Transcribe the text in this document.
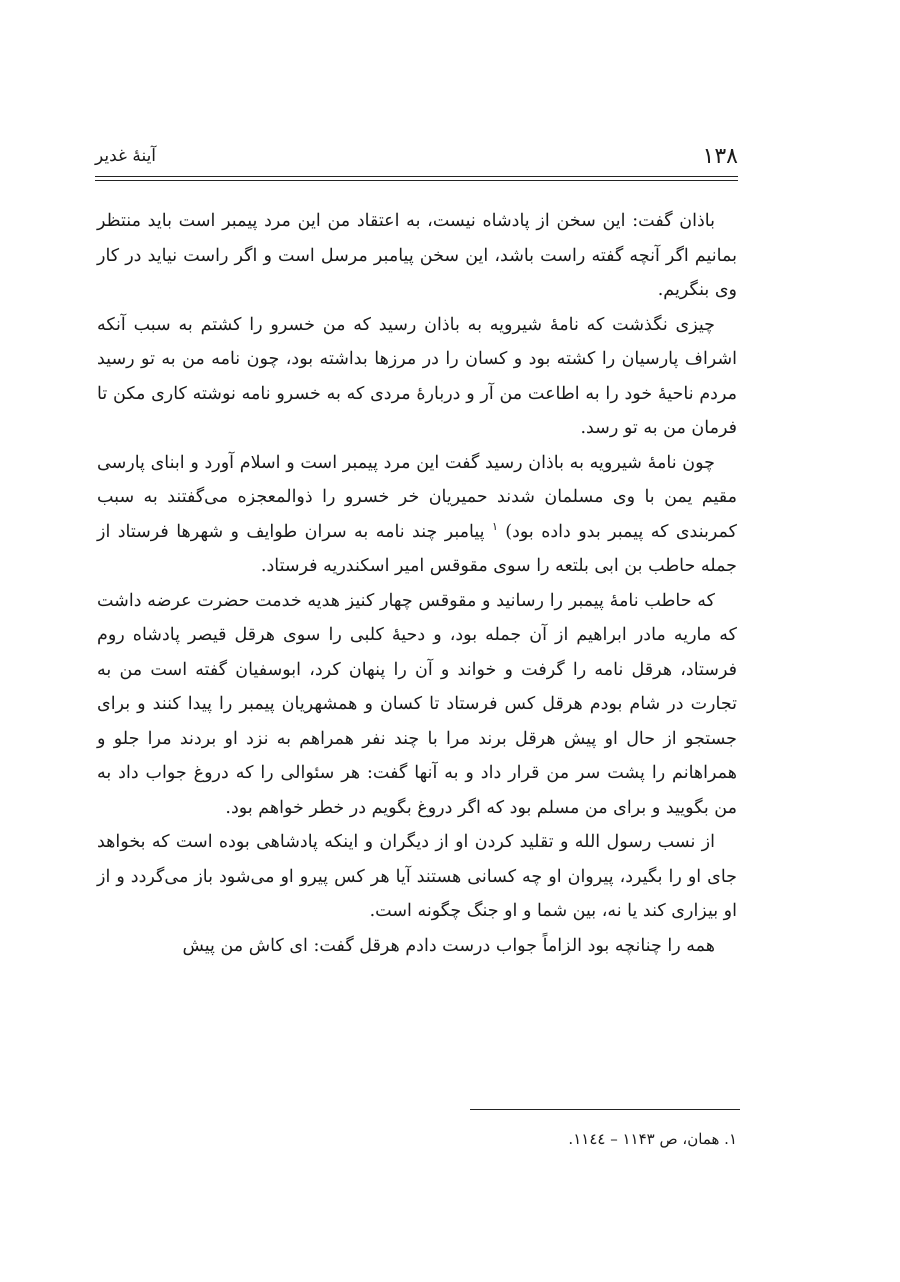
۱۳۸
آينهٔ غدير

باذان گفت: اين سخن از پادشاه نيست، به اعتقاد من اين مرد پيمبر است بايد منتظر بمانيم اگر آنچه گفته راست باشد، اين سخن پيامبر مرسل است و اگر راست نيايد در كار وى بنگريم.

چيزى نگذشت كه نامهٔ شيرويه به باذان رسيد كه من خسرو را كشتم به سبب آنكه اشراف پارسيان را كشته بود و كسان را در مرزها بداشته بود، چون نامه من به تو رسيد مردم ناحيهٔ خود را به اطاعت من آر و دربارهٔ مردى كه به خسرو نامه نوشته كارى مكن تا فرمان من به تو رسد.

چون نامهٔ شيرويه به باذان رسيد گفت اين مرد پيمبر است و اسلام آورد و ابناى پارسى مقيم يمن با وى مسلمان شدند حميريان خر خسرو را ذوالمعجزه مى‌گفتند به سبب كمربندى كه پيمبر بدو داده بود) $^۱$ پيامبر چند نامه به سران طوايف و شهرها فرستاد از جمله حاطب بن ابى بلتعه را سوى مقوقس امير اسكندريه فرستاد.

كه حاطب نامهٔ پيمبر را رسانيد و مقوقس چهار كنيز هديه خدمت حضرت عرضه داشت كه ماريه مادر ابراهيم از آن جمله بود، و دحيهٔ كلبى را سوى هرقل قيصر پادشاه روم فرستاد، هرقل نامه را گرفت و خواند و آن را پنهان كرد، ابوسفيان گفته است من به تجارت در شام بودم هرقل كس فرستاد تا كسان و همشهريان پيمبر را پيدا كنند و براى جستجو از حال او پيش هرقل برند مرا با چند نفر همراهم به نزد او بردند مرا جلو و همراهانم را پشت سر من قرار داد و به آنها گفت: هر سئوالى را كه دروغ جواب داد به من بگوييد و براى من مسلم بود كه اگر دروغ بگويم در خطر خواهم بود.

از نسب رسول الله و تقليد كردن او از ديگران و اينكه پادشاهى بوده است كه بخواهد جاى او را بگيرد، پيروان او چه كسانى هستند آيا هر كس پيرو او مى‌شود باز مى‌گردد و از او بيزارى كند يا نه، بين شما و او جنگ چگونه است.

همه را چنانچه بود الزاماً جواب درست دادم هرقل گفت: اى كاش من پيش

۱. همان، ص ۱۱۴۳ – ۱۱٤٤.
